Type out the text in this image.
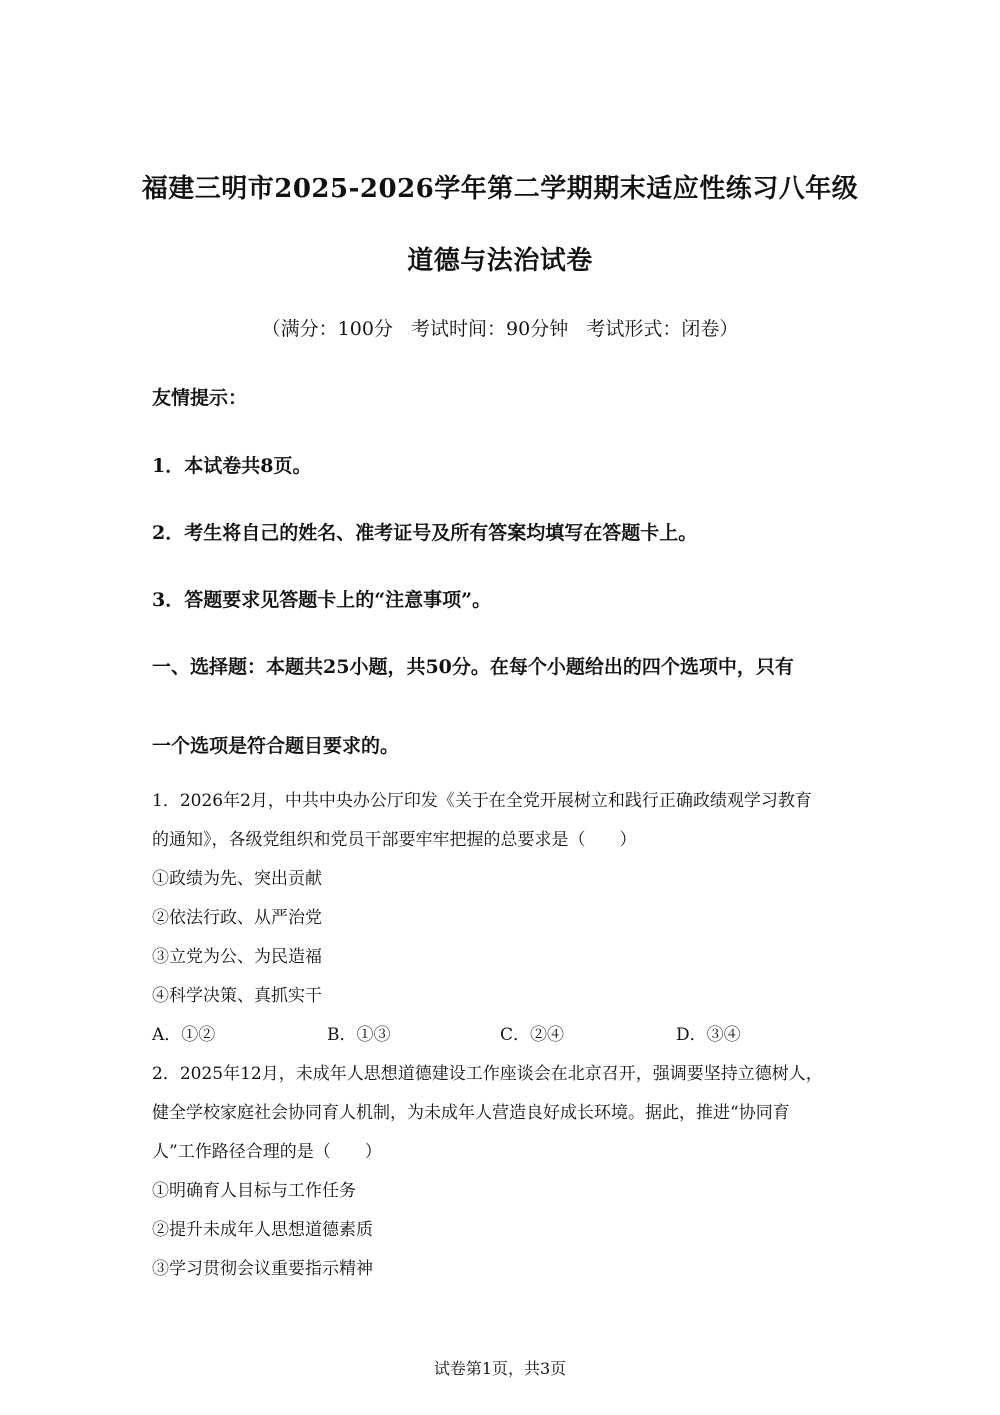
福建三明市2025-2026学年第二学期期末适应性练习八年级
道德与法治试卷
（满分：100分 考试时间：90分钟 考试形式：闭卷）
友情提示：
1．本试卷共8页。
2．考生将自己的姓名、准考证号及所有答案均填写在答题卡上。
3．答题要求见答题卡上的“注意事项”。
一、选择题：本题共25小题，共50分。在每个小题给出的四个选项中，只有
一个选项是符合题目要求的。
1．2026年2月，中共中央办公厅印发《关于在全党开展树立和践行正确政绩观学习教育
的通知》，各级党组织和党员干部要牢牢把握的总要求是（　　）
①政绩为先、突出贡献
②依法行政、从严治党
③立党为公、为民造福
④科学决策、真抓实干
A．①②	B．①③	C．②④	D．③④
2．2025年12月，未成年人思想道德建设工作座谈会在北京召开，强调要坚持立德树人，
健全学校家庭社会协同育人机制，为未成年人营造良好成长环境。据此，推进“协同育
人”工作路径合理的是（　　）
①明确育人目标与工作任务
②提升未成年人思想道德素质
③学习贯彻会议重要指示精神
试卷第1页，共3页
